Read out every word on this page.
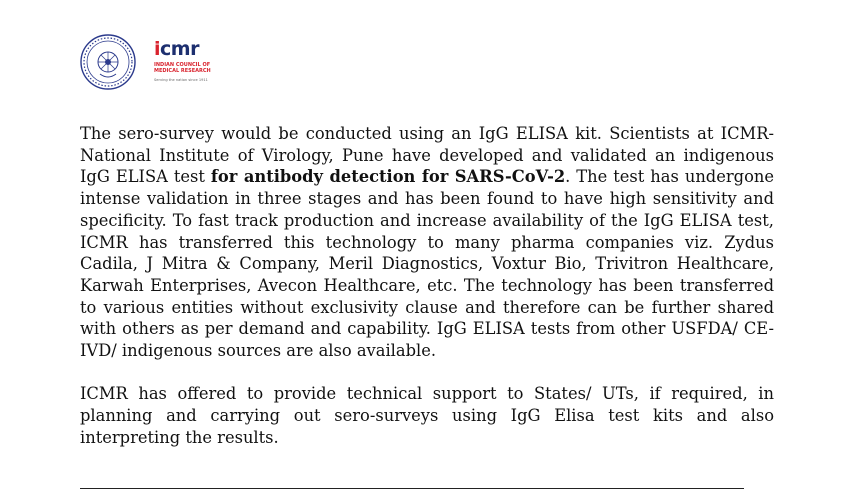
icmr
INDIAN COUNCIL OF
MEDICAL RESEARCH
Serving the nation since 1911

The sero-survey would be conducted using an IgG ELISA kit. Scientists at ICMR-National Institute of Virology, Pune have developed and validated an indigenous IgG ELISA test for antibody detection for SARS-CoV-2. The test has undergone intense validation in three stages and has been found to have high sensitivity and specificity. To fast track production and increase availability of the IgG ELISA test, ICMR has transferred this technology to many pharma companies viz. Zydus Cadila, J Mitra & Company, Meril Diagnostics, Voxtur Bio, Trivitron Healthcare, Karwah Enterprises, Avecon Healthcare, etc. The technology has been transferred to various entities without exclusivity clause and therefore can be further shared with others as per demand and capability. IgG ELISA tests from other USFDA/ CE-IVD/ indigenous sources are also available.

ICMR has offered to provide technical support to States/ UTs, if required, in planning and carrying out sero-surveys using IgG Elisa test kits and also interpreting the results.
